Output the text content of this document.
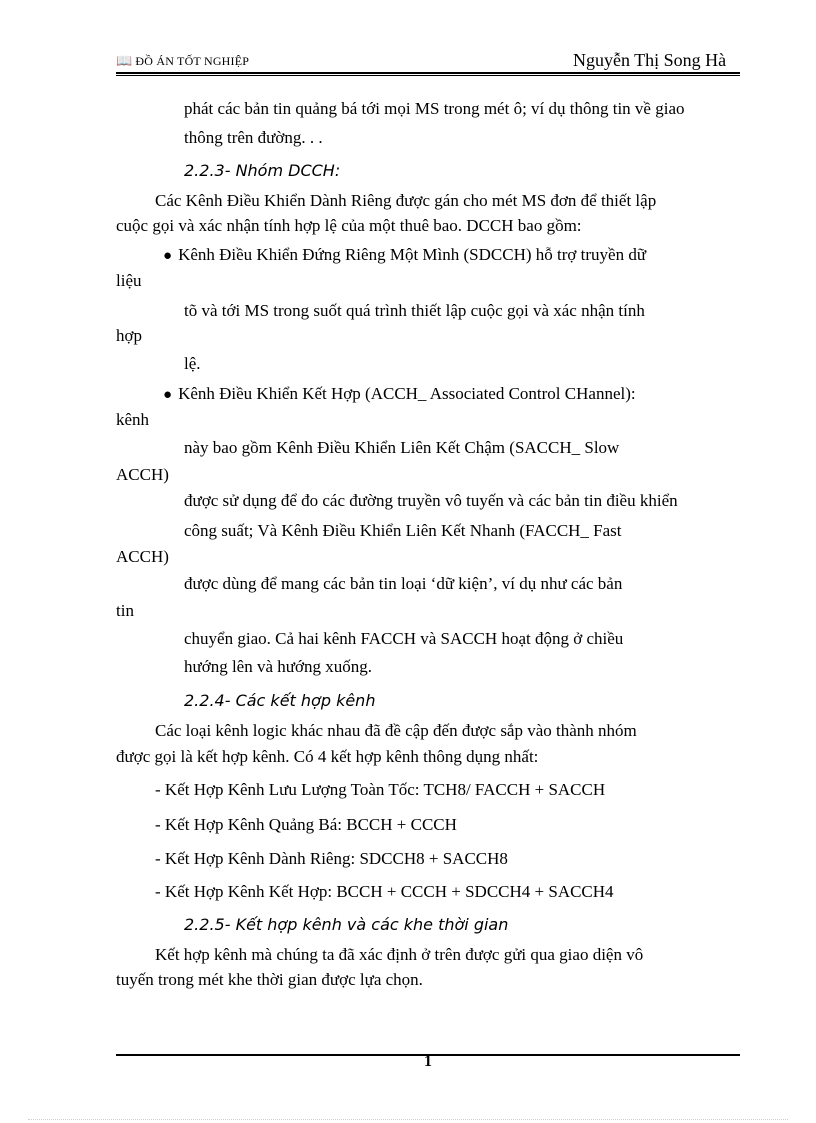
📖 ĐỒ ÁN TỐT NGHIỆP	Nguyễn Thị Song Hà
phát các bản tin quảng bá tới mọi MS trong mét ô; ví dụ thông tin về giao
thông trên đường. . .
2.2.3- Nhóm DCCH:
Các Kênh Điều Khiển Dành Riêng được gán cho mét MS đơn để thiết lập
cuộc gọi và xác nhận tính hợp lệ của một thuê bao. DCCH bao gồm:
● Kênh Điều Khiển Đứng Riêng Một Mình (SDCCH) hỗ trợ truyền dữ
liệu
tõ và tới MS trong suốt quá trình thiết lập cuộc gọi và xác nhận tính
hợp
lệ.
● Kênh Điều Khiển Kết Hợp (ACCH_ Associated Control CHannel):
kênh
này bao gồm Kênh Điều Khiển Liên Kết Chậm (SACCH_ Slow
ACCH)
được sử dụng để đo các đường truyền vô tuyến và các bản tin điều khiển
công suất; Và Kênh Điều Khiển Liên Kết Nhanh (FACCH_ Fast
ACCH)
được dùng để mang các bản tin loại ‘dữ kiện’, ví dụ như các bản
tin
chuyển giao. Cả hai kênh FACCH và SACCH hoạt động ở chiều
hướng lên và hướng xuống.
2.2.4- Các kết hợp kênh
Các loại kênh logic khác nhau đã đề cập đến được sắp vào thành nhóm
được gọi là kết hợp kênh. Có 4 kết hợp kênh thông dụng nhất:
- Kết Hợp Kênh Lưu Lượng Toàn Tốc: TCH8/ FACCH + SACCH
- Kết Hợp Kênh Quảng Bá: BCCH + CCCH
- Kết Hợp Kênh Dành Riêng: SDCCH8 + SACCH8
- Kết Hợp Kênh Kết Hợp: BCCH + CCCH + SDCCH4 + SACCH4
2.2.5- Kết hợp kênh và các khe thời gian
Kết hợp kênh mà chúng ta đã xác định ở trên được gửi qua giao diện vô
tuyến trong mét khe thời gian được lựa chọn.
1
